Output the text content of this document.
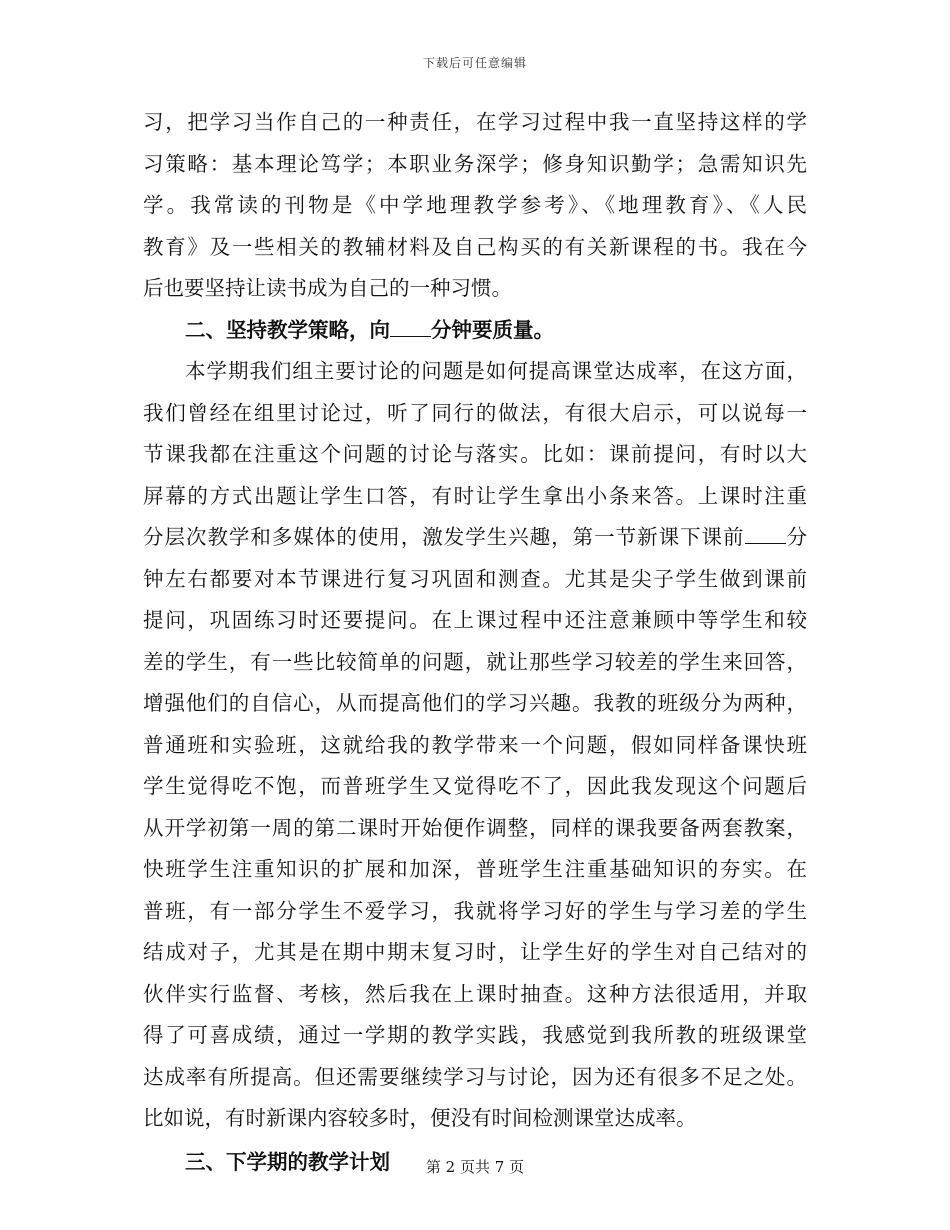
下载后可任意编辑
习，把学习当作自己的一种责任，在学习过程中我一直坚持这样的学
习策略：基本理论笃学；本职业务深学；修身知识勤学；急需知识先
学。我常读的刊物是《中学地理教学参考》、《地理教育》、《人民
教育》及一些相关的教辅材料及自己构买的有关新课程的书。我在今
后也要坚持让读书成为自己的一种习惯。
二、坚持教学策略，向 分钟要质量。
本学期我们组主要讨论的问题是如何提高课堂达成率，在这方面，
我们曾经在组里讨论过，听了同行的做法，有很大启示，可以说每一
节课我都在注重这个问题的讨论与落实。比如：课前提问，有时以大
屏幕的方式出题让学生口答，有时让学生拿出小条来答。上课时注重
分层次教学和多媒体的使用，激发学生兴趣，第一节新课下课前 分
钟左右都要对本节课进行复习巩固和测查。尤其是尖子学生做到课前
提问，巩固练习时还要提问。在上课过程中还注意兼顾中等学生和较
差的学生，有一些比较简单的问题，就让那些学习较差的学生来回答，
增强他们的自信心，从而提高他们的学习兴趣。我教的班级分为两种，
普通班和实验班，这就给我的教学带来一个问题，假如同样备课快班
学生觉得吃不饱，而普班学生又觉得吃不了，因此我发现这个问题后
从开学初第一周的第二课时开始便作调整，同样的课我要备两套教案，
快班学生注重知识的扩展和加深，普班学生注重基础知识的夯实。在
普班，有一部分学生不爱学习，我就将学习好的学生与学习差的学生
结成对子，尤其是在期中期末复习时，让学生好的学生对自己结对的
伙伴实行监督、考核，然后我在上课时抽查。这种方法很适用，并取
得了可喜成绩，通过一学期的教学实践，我感觉到我所教的班级课堂
达成率有所提高。但还需要继续学习与讨论，因为还有很多不足之处。
比如说，有时新课内容较多时，便没有时间检测课堂达成率。
三、下学期的教学计划	第 2 页共 7 页
